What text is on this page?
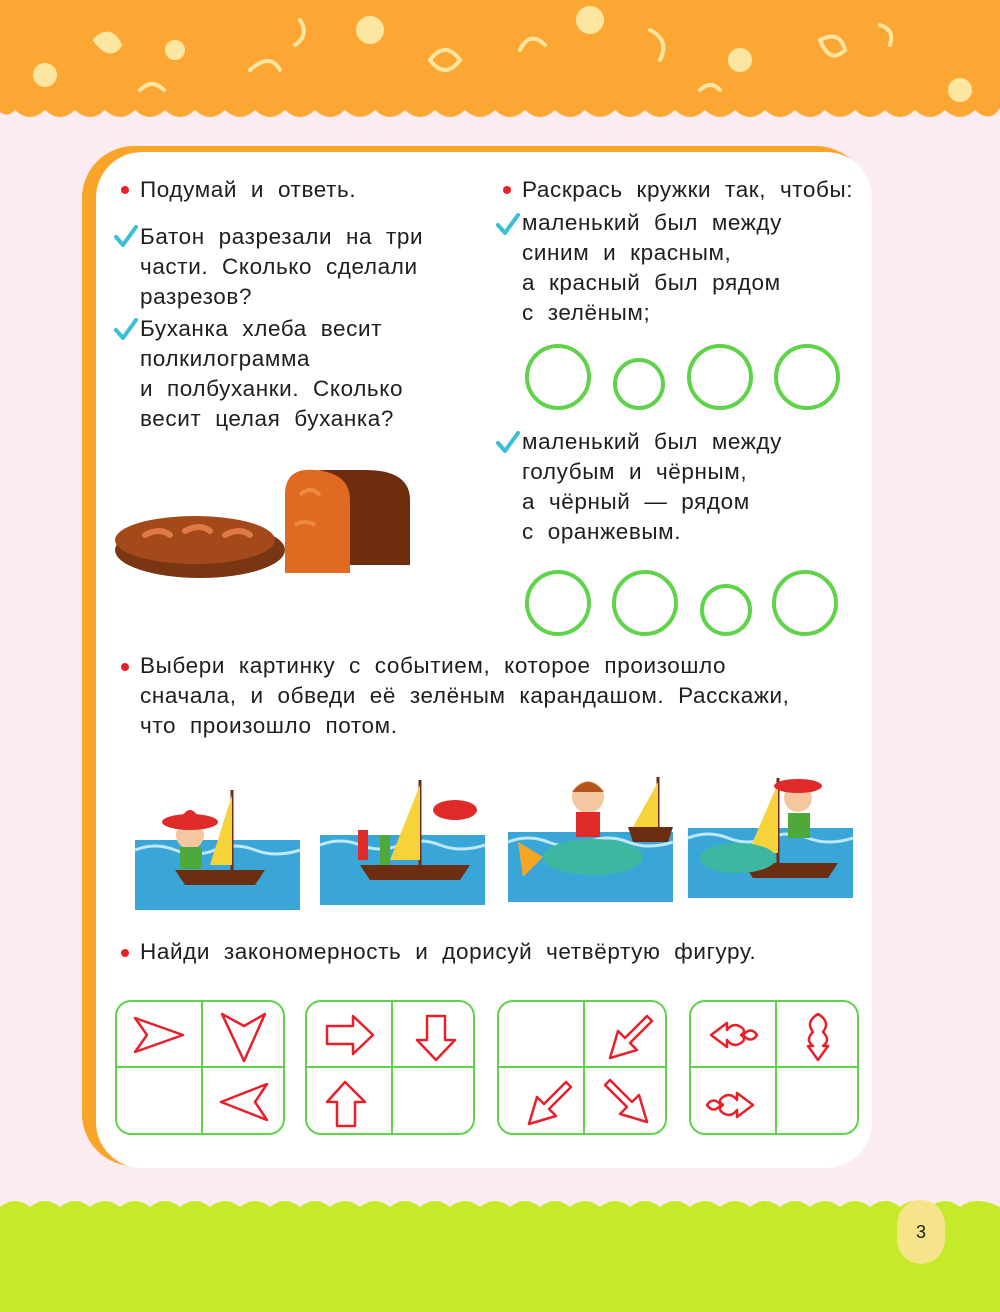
3
Подумай и ответь.
Батон разрезали на три
части. Сколько сделали
разрезов?
Буханка хлеба весит
полкилограмма
и полбуханки. Сколько
весит целая буханка?
Раскрась кружки так, чтобы:
маленький был между
синим и красным,
а красный был рядом
с зелёным;
маленький был между
голубым и чёрным,
а чёрный — рядом
с оранжевым.
Выбери картинку с событием, которое произошло
сначала, и обведи её зелёным карандашом. Расскажи,
что произошло потом.
Найди закономерность и дорисуй четвёртую фигуру.
